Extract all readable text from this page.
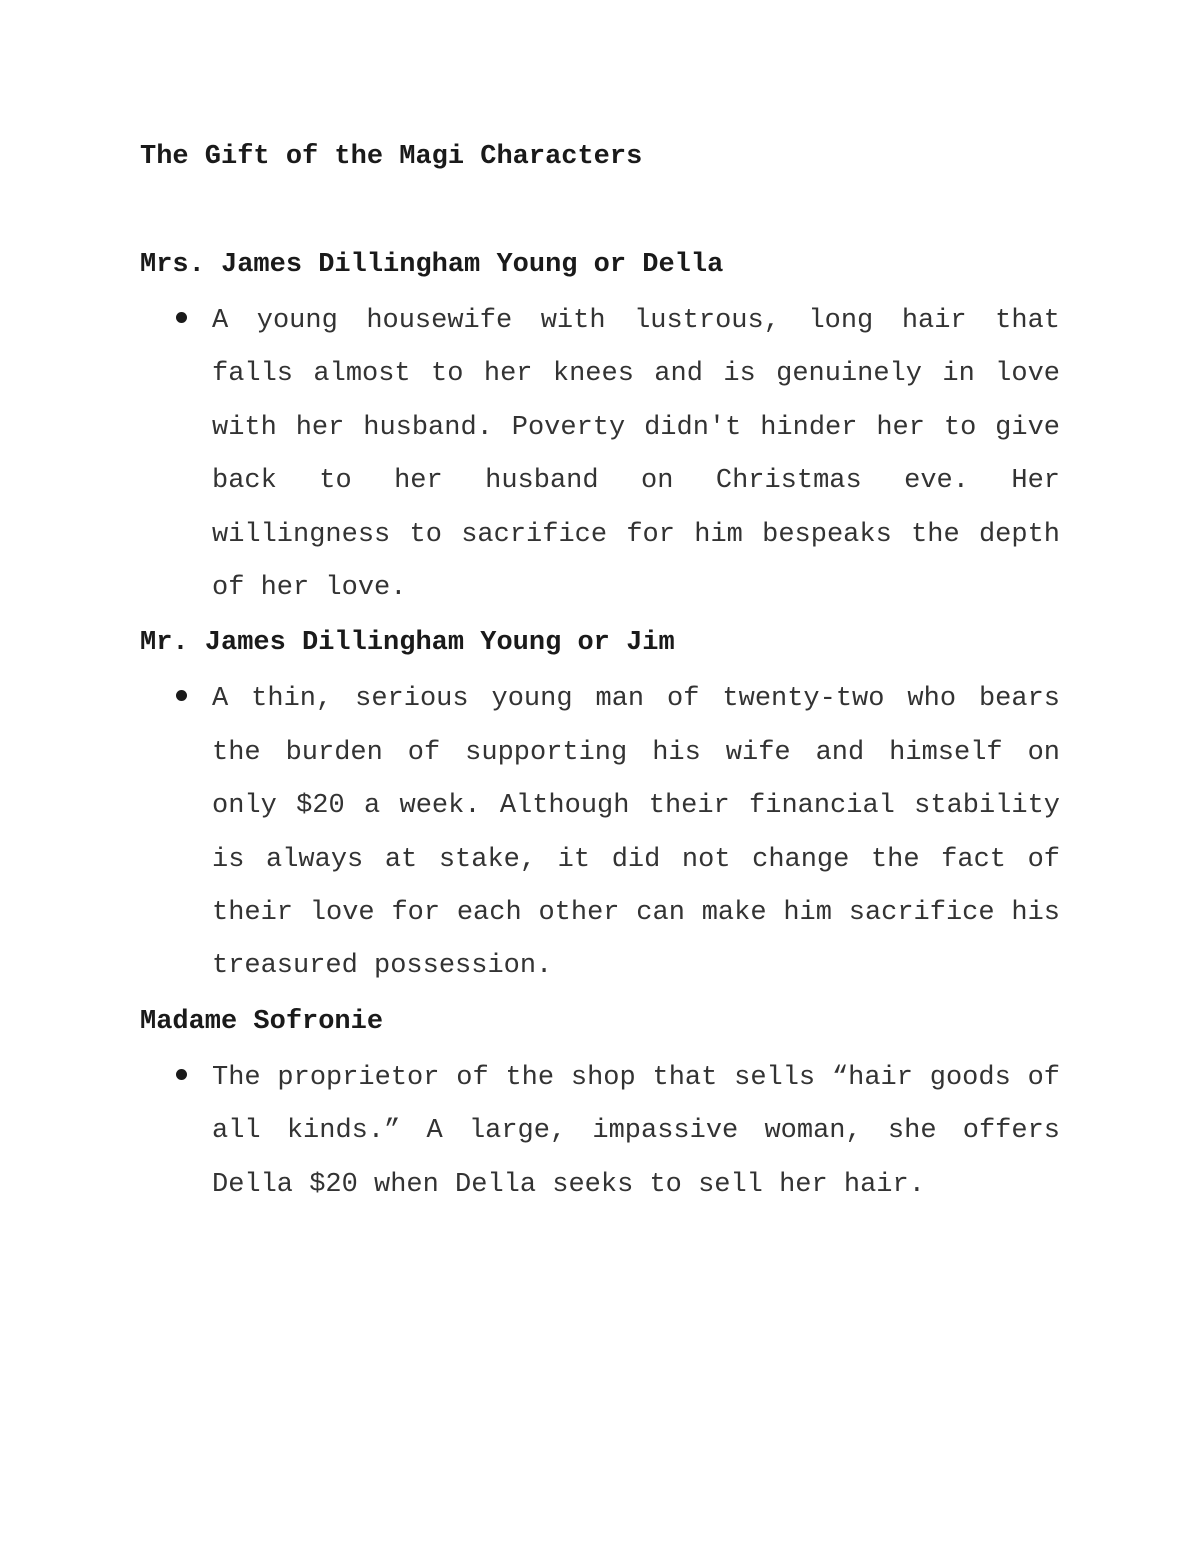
The Gift of the Magi Characters
Mrs. James Dillingham Young or Della
A young housewife with lustrous, long hair that falls almost to her knees and is genuinely in love with her husband. Poverty didn't hinder her to give back to her husband on Christmas eve. Her willingness to sacrifice for him bespeaks the depth of her love.
Mr. James Dillingham Young or Jim
A thin, serious young man of twenty-two who bears the burden of supporting his wife and himself on only $20 a week. Although their financial stability is always at stake, it did not change the fact of their love for each other can make him sacrifice his treasured possession.
Madame Sofronie
The proprietor of the shop that sells “hair goods of all kinds.” A large, impassive woman, she offers Della $20 when Della seeks to sell her hair.
